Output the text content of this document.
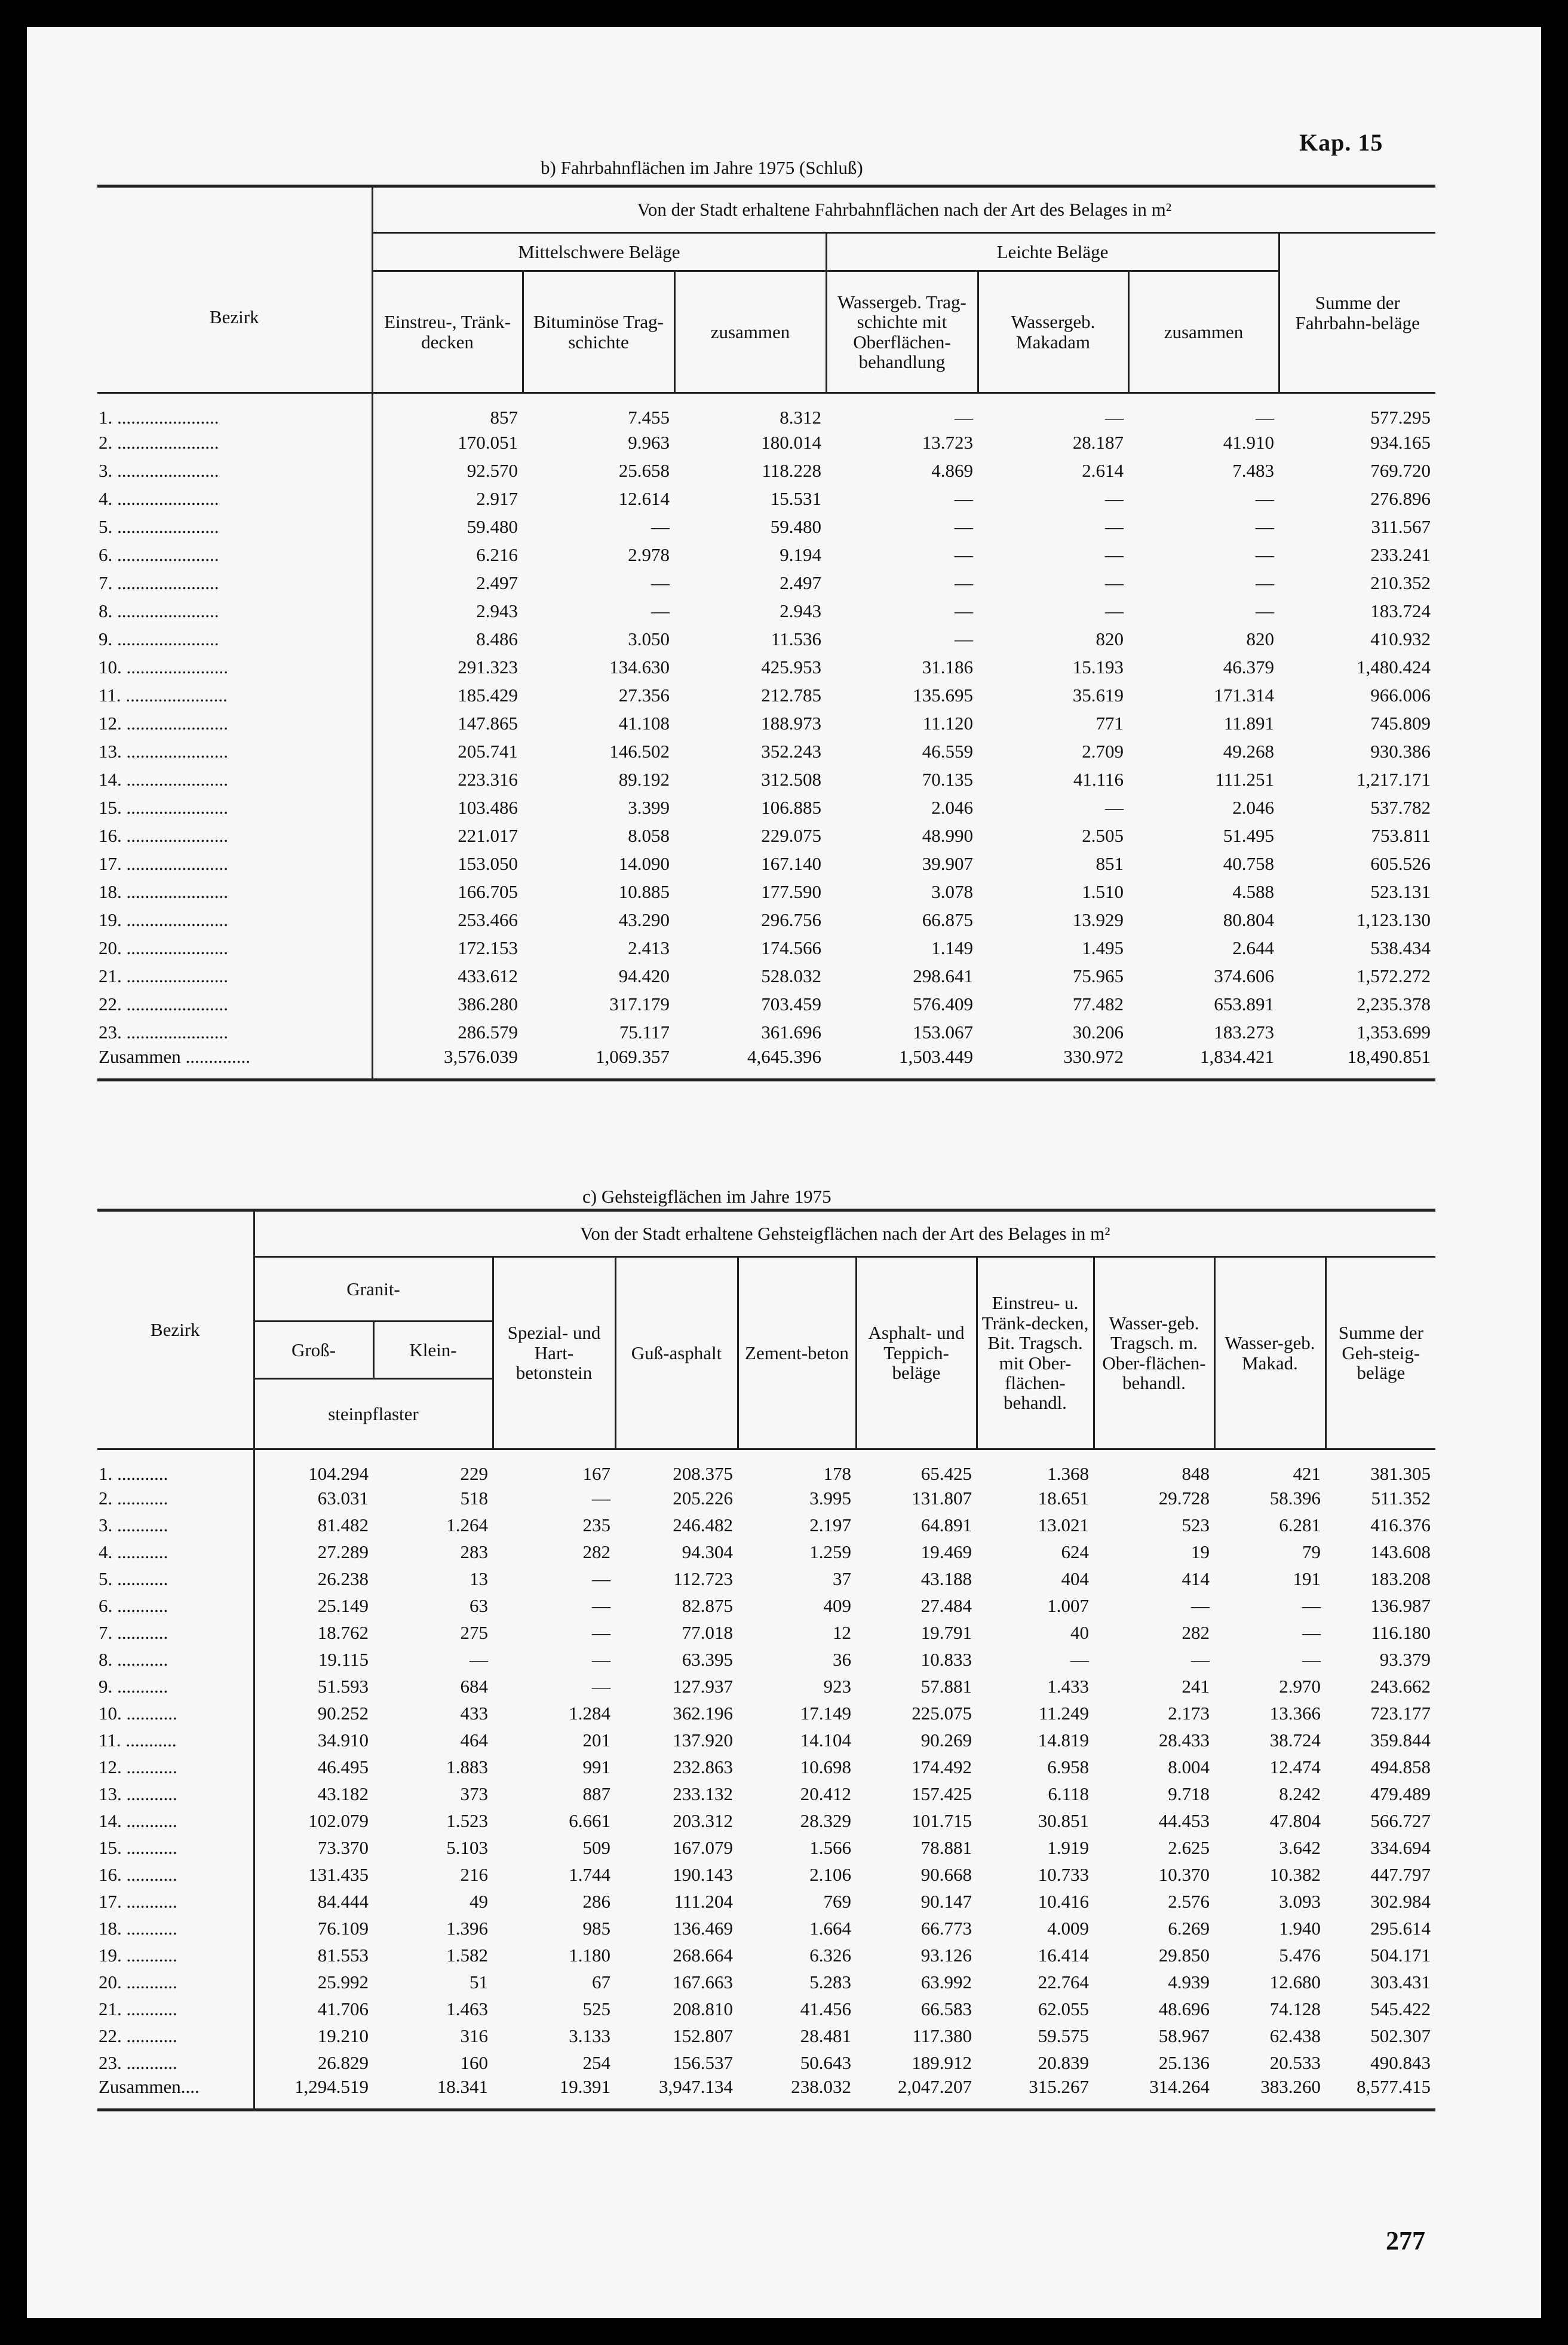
Kap. 15
b) Fahrbahnflächen im Jahre 1975 (Schluß)
Bezirk	Von der Stadt erhaltene Fahrbahnflächen nach der Art des Belages in m²						
	Mittelschwere Beläge			Leichte Beläge			Summe der Fahrbahn-beläge
	Einstreu-, Tränk-decken	Bituminöse Trag-schichte	zusammen	Wassergeb. Trag-schichte mit Oberflächen-behandlung	Wassergeb. Makadam	zusammen	
1. ......................	857	7.455	8.312	—	—	—	577.295
2. ......................	170.051	9.963	180.014	13.723	28.187	41.910	934.165
3. ......................	92.570	25.658	118.228	4.869	2.614	7.483	769.720
4. ......................	2.917	12.614	15.531	—	—	—	276.896
5. ......................	59.480	—	59.480	—	—	—	311.567
6. ......................	6.216	2.978	9.194	—	—	—	233.241
7. ......................	2.497	—	2.497	—	—	—	210.352
8. ......................	2.943	—	2.943	—	—	—	183.724
9. ......................	8.486	3.050	11.536	—	820	820	410.932
10. ......................	291.323	134.630	425.953	31.186	15.193	46.379	1,480.424
11. ......................	185.429	27.356	212.785	135.695	35.619	171.314	966.006
12. ......................	147.865	41.108	188.973	11.120	771	11.891	745.809
13. ......................	205.741	146.502	352.243	46.559	2.709	49.268	930.386
14. ......................	223.316	89.192	312.508	70.135	41.116	111.251	1,217.171
15. ......................	103.486	3.399	106.885	2.046	—	2.046	537.782
16. ......................	221.017	8.058	229.075	48.990	2.505	51.495	753.811
17. ......................	153.050	14.090	167.140	39.907	851	40.758	605.526
18. ......................	166.705	10.885	177.590	3.078	1.510	4.588	523.131
19. ......................	253.466	43.290	296.756	66.875	13.929	80.804	1,123.130
20. ......................	172.153	2.413	174.566	1.149	1.495	2.644	538.434
21. ......................	433.612	94.420	528.032	298.641	75.965	374.606	1,572.272
22. ......................	386.280	317.179	703.459	576.409	77.482	653.891	2,235.378
23. ......................	286.579	75.117	361.696	153.067	30.206	183.273	1,353.699
Zusammen ..............	3,576.039	1,069.357	4,645.396	1,503.449	330.972	1,834.421	18,490.851
c) Gehsteigflächen im Jahre 1975
Bezirk	Von der Stadt erhaltene Gehsteigflächen nach der Art des Belages in m²									
	Granit-		Spezial- und Hart-betonstein	Guß-asphalt	Zement-beton	Asphalt- und Teppich-beläge	Einstreu- u. Tränk-decken, Bit. Tragsch. mit Ober-flächen-behandl.	Wasser-geb. Tragsch. m. Ober-flächen-behandl.	Wasser-geb. Makad.	Summe der Geh-steig-beläge
	Groß-	Klein-								
	steinpflaster									
1. ...........	104.294	229	167	208.375	178	65.425	1.368	848	421	381.305
2. ...........	63.031	518	—	205.226	3.995	131.807	18.651	29.728	58.396	511.352
3. ...........	81.482	1.264	235	246.482	2.197	64.891	13.021	523	6.281	416.376
4. ...........	27.289	283	282	94.304	1.259	19.469	624	19	79	143.608
5. ...........	26.238	13	—	112.723	37	43.188	404	414	191	183.208
6. ...........	25.149	63	—	82.875	409	27.484	1.007	—	—	136.987
7. ...........	18.762	275	—	77.018	12	19.791	40	282	—	116.180
8. ...........	19.115	—	—	63.395	36	10.833	—	—	—	93.379
9. ...........	51.593	684	—	127.937	923	57.881	1.433	241	2.970	243.662
10. ...........	90.252	433	1.284	362.196	17.149	225.075	11.249	2.173	13.366	723.177
11. ...........	34.910	464	201	137.920	14.104	90.269	14.819	28.433	38.724	359.844
12. ...........	46.495	1.883	991	232.863	10.698	174.492	6.958	8.004	12.474	494.858
13. ...........	43.182	373	887	233.132	20.412	157.425	6.118	9.718	8.242	479.489
14. ...........	102.079	1.523	6.661	203.312	28.329	101.715	30.851	44.453	47.804	566.727
15. ...........	73.370	5.103	509	167.079	1.566	78.881	1.919	2.625	3.642	334.694
16. ...........	131.435	216	1.744	190.143	2.106	90.668	10.733	10.370	10.382	447.797
17. ...........	84.444	49	286	111.204	769	90.147	10.416	2.576	3.093	302.984
18. ...........	76.109	1.396	985	136.469	1.664	66.773	4.009	6.269	1.940	295.614
19. ...........	81.553	1.582	1.180	268.664	6.326	93.126	16.414	29.850	5.476	504.171
20. ...........	25.992	51	67	167.663	5.283	63.992	22.764	4.939	12.680	303.431
21. ...........	41.706	1.463	525	208.810	41.456	66.583	62.055	48.696	74.128	545.422
22. ...........	19.210	316	3.133	152.807	28.481	117.380	59.575	58.967	62.438	502.307
23. ...........	26.829	160	254	156.537	50.643	189.912	20.839	25.136	20.533	490.843
Zusammen....	1,294.519	18.341	19.391	3,947.134	238.032	2,047.207	315.267	314.264	383.260	8,577.415
277
